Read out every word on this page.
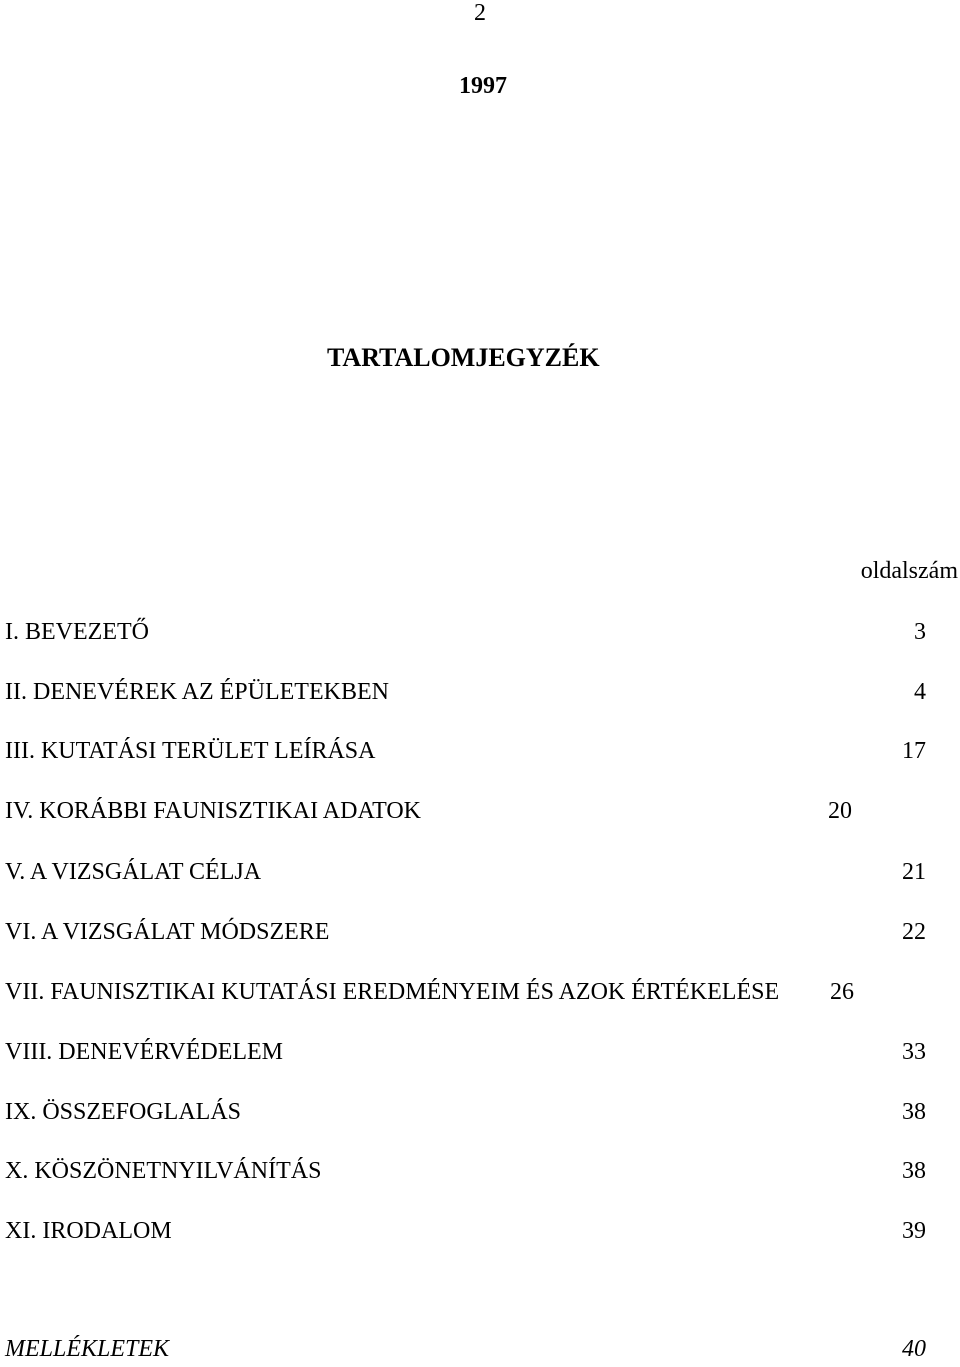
2
1997
TARTALOMJEGYZÉK
oldalszám
I. BEVEZETŐ	3
II. DENEVÉREK AZ ÉPÜLETEKBEN	4
III. KUTATÁSI TERÜLET LEÍRÁSA	17
IV. KORÁBBI FAUNISZTIKAI ADATOK	20
V. A VIZSGÁLAT CÉLJA	21
VI. A VIZSGÁLAT MÓDSZERE	22
VII. FAUNISZTIKAI KUTATÁSI EREDMÉNYEIM ÉS AZOK ÉRTÉKELÉSE 26
VIII. DENEVÉRVÉDELEM	33
IX. ÖSSZEFOGLALÁS	38
X. KÖSZÖNETNYILVÁNÍTÁS	38
XI. IRODALOM	39
MELLÉKLETEK	40
